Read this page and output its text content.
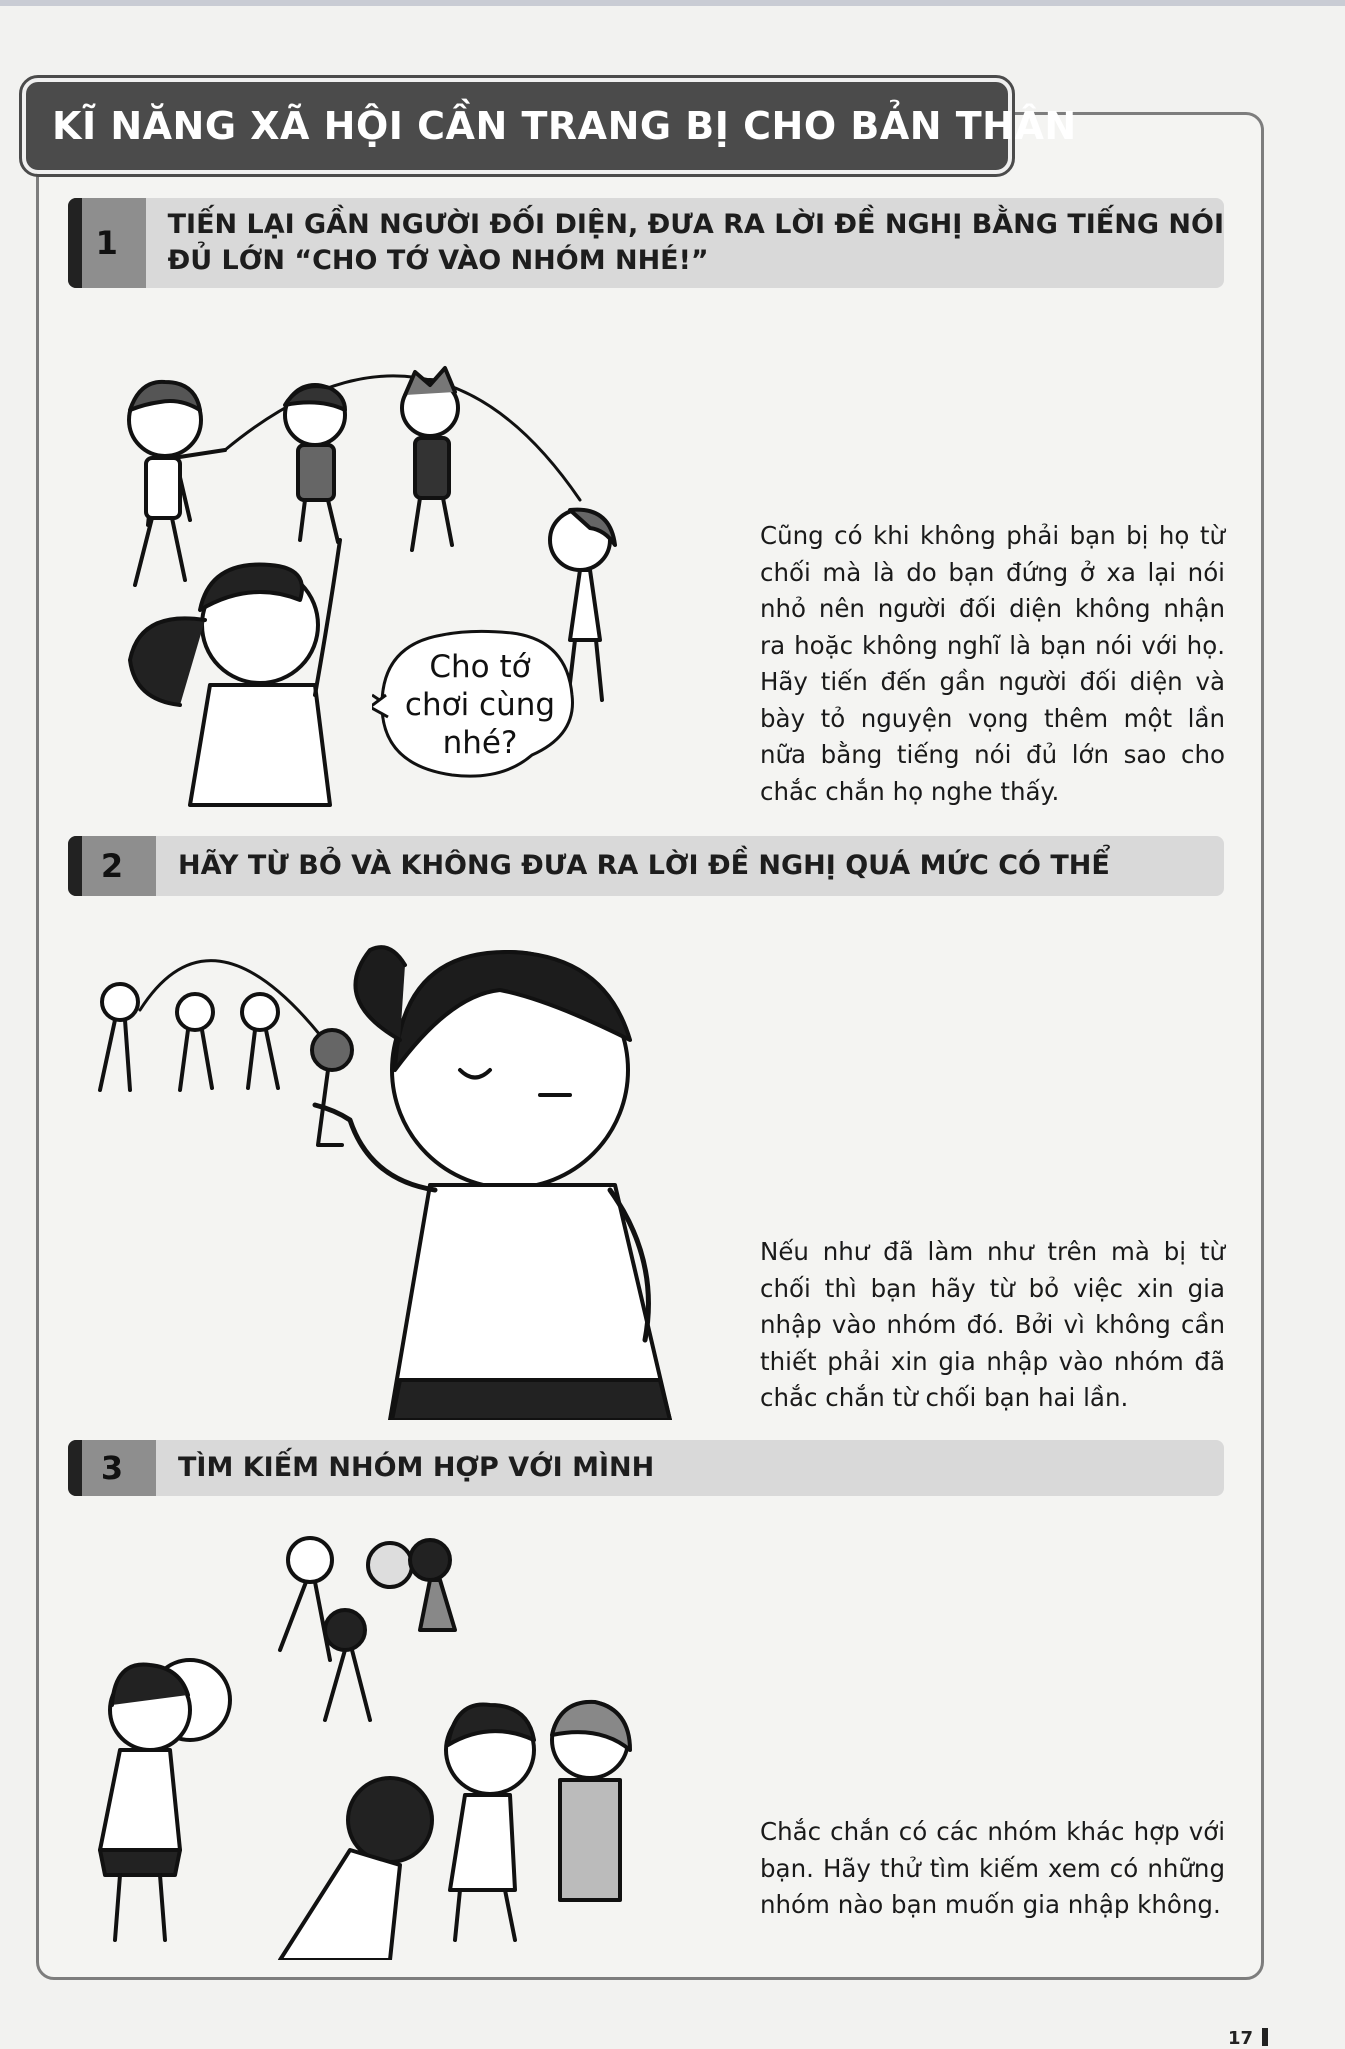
KĨ NĂNG XÃ HỘI CẦN TRANG BỊ CHO BẢN THÂN
1	TIẾN LẠI GẦN NGƯỜI ĐỐI DIỆN, ĐƯA RA LỜI ĐỀ NGHỊ BẰNG TIẾNG NÓI
ĐỦ LỚN “CHO TỚ VÀO NHÓM NHÉ!”
Cho tớ
chơi cùng
nhé?

Cũng có khi không phải bạn bị họ từ chối mà là do bạn đứng ở xa lại nói nhỏ nên người đối diện không nhận ra hoặc không nghĩ là bạn nói với họ. Hãy tiến đến gần người đối diện và bày tỏ nguyện vọng thêm một lần nữa bằng tiếng nói đủ lớn sao cho chắc chắn họ nghe thấy.

2	HÃY TỪ BỎ VÀ KHÔNG ĐƯA RA LỜI ĐỀ NGHỊ QUÁ MỨC CÓ THỂ

Nếu như đã làm như trên mà bị từ chối thì bạn hãy từ bỏ việc xin gia nhập vào nhóm đó. Bởi vì không cần thiết phải xin gia nhập vào nhóm đã chắc chắn từ chối bạn hai lần.

3	TÌM KIẾM NHÓM HỢP VỚI MÌNH

Chắc chắn có các nhóm khác hợp với bạn. Hãy thử tìm kiếm xem có những nhóm nào bạn muốn gia nhập không.

17
